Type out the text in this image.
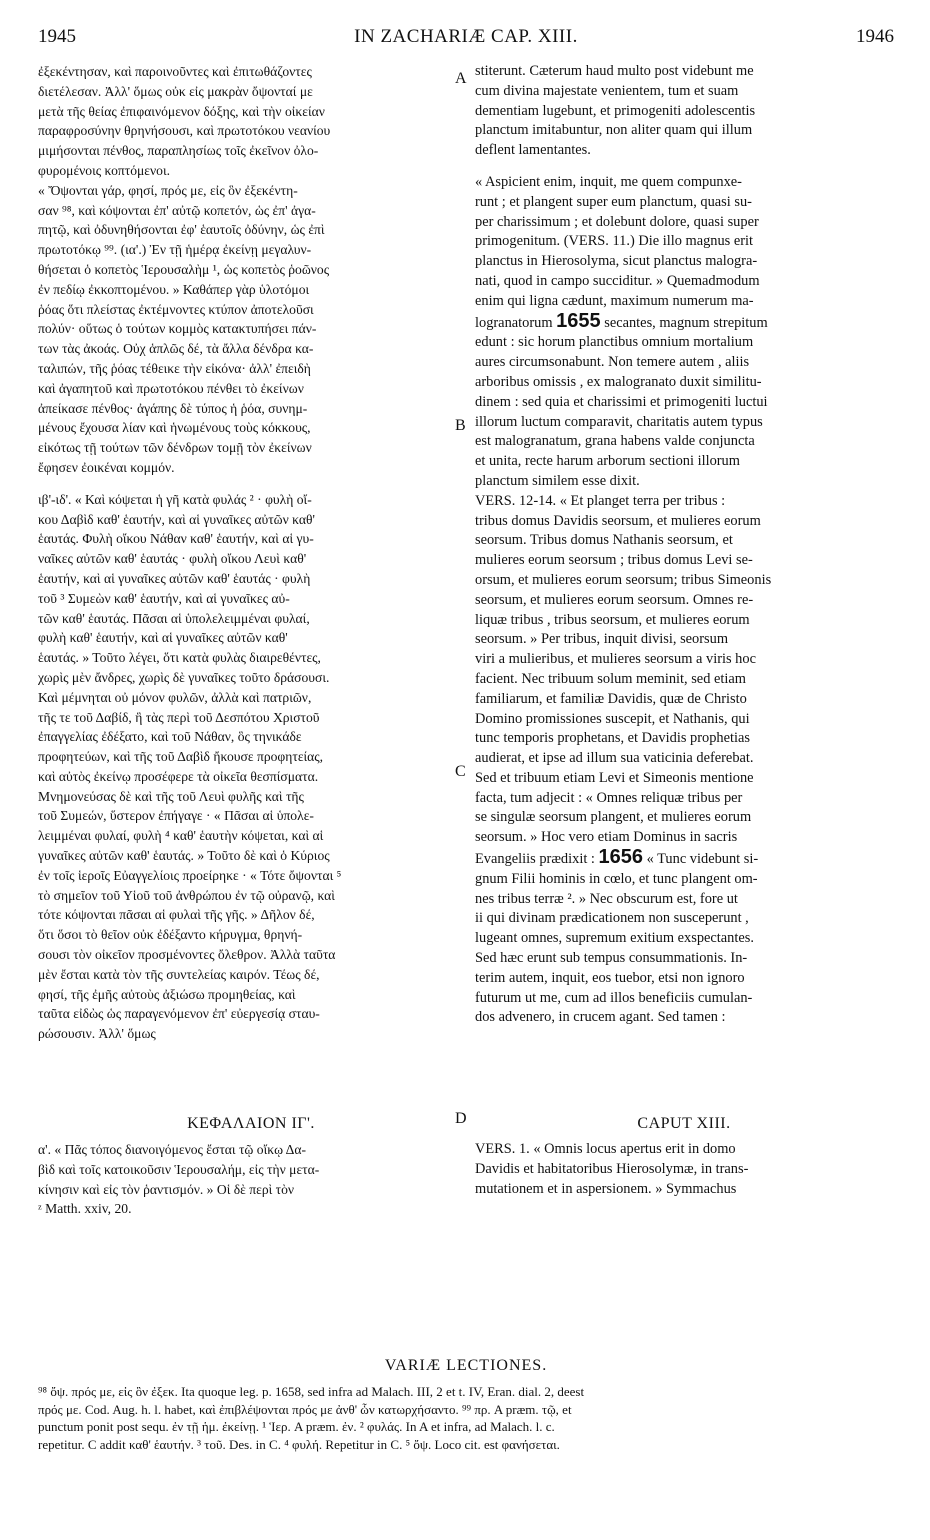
1945	IN ZACHARIÆ CAP. XIII.	1946

ἐξεκέντησαν, καὶ παροινοῦντες καὶ ἐπιτωθάζοντες

διετέλεσαν. Ἀλλ' ὅμως οὐκ εἰς μακρὰν ὄψονταί με

μετὰ τῆς θείας ἐπιφαινόμενον δόξης, καὶ τὴν οἰκείαν

παραφροσύνην θρηνήσουσι, καὶ πρωτοτόκου νεανίου

μιμήσονται πένθος, παραπλησίως τοῖς ἐκεῖνον ὀλο-

φυρομένοις κοπτόμενοι.

« Ὄψονται γάρ, φησί, πρός με, εἰς ὃν ἐξεκέντη-

σαν ⁹⁸, καὶ κόψονται ἐπ' αὐτῷ κοπετόν, ὡς ἐπ' ἀγα-

πητῷ, καὶ ὀδυνηθήσονται ἐφ' ἑαυτοῖς ὀδύνην, ὡς ἐπὶ

πρωτοτόκῳ ⁹⁹. (ια'.) Ἐν τῇ ἡμέρᾳ ἐκείνῃ μεγαλυν-

θήσεται ὁ κοπετὸς Ἱερουσαλὴμ ¹, ὡς κοπετὸς ῥοῶνος

ἐν πεδίῳ ἐκκοπτομένου. » Καθάπερ γὰρ ὑλοτόμοι

ῥόας ὅτι πλείστας ἐκτέμνοντες κτύπον ἀποτελοῦσι

πολύν· οὕτως ὁ τούτων κομμὸς κατακτυπήσει πάν-

των τὰς ἀκοάς. Οὐχ ἁπλῶς δέ, τὰ ἄλλα δένδρα κα-

ταλιπών, τῆς ῥόας τέθεικε τὴν εἰκόνα· ἀλλ' ἐπειδὴ

καὶ ἀγαπητοῦ καὶ πρωτοτόκου πένθει τὸ ἐκείνων

ἀπείκασε πένθος· ἀγάπης δὲ τύπος ἡ ῥόα, συνημ-

μένους ἔχουσα λίαν καὶ ἡνωμένους τοὺς κόκκους,

εἰκότως τῇ τούτων τῶν δένδρων τομῇ τὸν ἐκείνων

ἔφησεν ἐοικέναι κομμόν.

ιβ'-ιδ'. « Καὶ κόψεται ἡ γῆ κατὰ φυλάς ² · φυλὴ οἴ-

κου Δαβὶδ καθ' ἑαυτήν, καὶ αἱ γυναῖκες αὐτῶν καθ'

ἑαυτάς. Φυλὴ οἴκου Νάθαν καθ' ἑαυτήν, καὶ αἱ γυ-

ναῖκες αὐτῶν καθ' ἑαυτάς · φυλὴ οἴκου Λευὶ καθ'

ἑαυτήν, καὶ αἱ γυναῖκες αὐτῶν καθ' ἑαυτάς · φυλὴ

τοῦ ³ Συμεὼν καθ' ἑαυτήν, καὶ αἱ γυναῖκες αὐ-

τῶν καθ' ἑαυτάς. Πᾶσαι αἱ ὑπολελειμμέναι φυλαί,

φυλὴ καθ' ἑαυτήν, καὶ αἱ γυναῖκες αὐτῶν καθ'

ἑαυτάς. » Τοῦτο λέγει, ὅτι κατὰ φυλὰς διαιρεθέντες,

χωρὶς μὲν ἄνδρες, χωρὶς δὲ γυναῖκες τοῦτο δράσουσι.

Καὶ μέμνηται οὐ μόνον φυλῶν, ἀλλὰ καὶ πατριῶν,

τῆς τε τοῦ Δαβίδ, ἣ τὰς περὶ τοῦ Δεσπότου Χριστοῦ

ἐπαγγελίας ἐδέξατο, καὶ τοῦ Νάθαν, ὃς τηνικάδε

προφητεύων, καὶ τῆς τοῦ Δαβὶδ ἤκουσε προφητείας,

καὶ αὐτὸς ἐκείνῳ προσέφερε τὰ οἰκεῖα θεσπίσματα.

Μνημονεύσας δὲ καὶ τῆς τοῦ Λευὶ φυλῆς καὶ τῆς

τοῦ Συμεών, ὕστερον ἐπήγαγε · « Πᾶσαι αἱ ὑπολε-

λειμμέναι φυλαί, φυλὴ ⁴ καθ' ἑαυτὴν κόψεται, καὶ αἱ

γυναῖκες αὐτῶν καθ' ἑαυτάς. » Τοῦτο δὲ καὶ ὁ Κύριος

ἐν τοῖς ἱεροῖς Εὐαγγελίοις προείρηκε · « Τότε ὄψονται ⁵

τὸ σημεῖον τοῦ Υἱοῦ τοῦ ἀνθρώπου ἐν τῷ οὐρανῷ, καὶ

τότε κόψονται πᾶσαι αἱ φυλαὶ τῆς γῆς. » Δῆλον δέ,

ὅτι ὅσοι τὸ θεῖον οὐκ ἐδέξαντο κήρυγμα, θρηνή-

σουσι τὸν οἰκεῖον προσμένοντες ὄλεθρον. Ἀλλὰ ταῦτα

μὲν ἔσται κατὰ τὸν τῆς συντελείας καιρόν. Τέως δέ,

φησί, τῆς ἐμῆς αὐτοὺς ἀξιώσω προμηθείας, καὶ

ταῦτα εἰδὼς ὡς παραγενόμενον ἐπ' εὐεργεσίᾳ σταυ-

ρώσουσιν. Ἀλλ' ὅμως

stiterunt. Cæterum haud multo post videbunt me

cum divina majestate venientem, tum et suam

dementiam lugebunt, et primogeniti adolescentis

planctum imitabuntur, non aliter quam qui illum

deflent lamentantes.

« Aspicient enim, inquit, me quem compunxe-

runt ; et plangent super eum planctum, quasi su-

per charissimum ; et dolebunt dolore, quasi super

primogenitum. (VERS. 11.) Die illo magnus erit

planctus in Hierosolyma, sicut planctus malogra-

nati, quod in campo succiditur. » Quemadmodum

enim qui ligna cædunt, maximum numerum ma-

logranatorum 1655 secantes, magnum strepitum

edunt : sic horum planctibus omnium mortalium

aures circumsonabunt. Non temere autem , aliis

arboribus omissis , ex malogranato duxit similitu-

dinem : sed quia et charissimi et primogeniti luctui

illorum luctum comparavit, charitatis autem typus

est malogranatum, grana habens valde conjuncta

et unita, recte harum arborum sectioni illorum

planctum similem esse dixit.

VERS. 12-14. « Et planget terra per tribus :

tribus domus Davidis seorsum, et mulieres eorum

seorsum. Tribus domus Nathanis seorsum, et

mulieres eorum seorsum ; tribus domus Levi se-

orsum, et mulieres eorum seorsum; tribus Simeonis

seorsum, et mulieres eorum seorsum. Omnes re-

liquæ tribus , tribus seorsum, et mulieres eorum

seorsum. » Per tribus, inquit divisi, seorsum

viri a mulieribus, et mulieres seorsum a viris hoc

facient. Nec tribuum solum meminit, sed etiam

familiarum, et familiæ Davidis, quæ de Christo

Domino promissiones suscepit, et Nathanis, qui

tunc temporis prophetans, et Davidis prophetias

audierat, et ipse ad illum sua vaticinia deferebat.

Sed et tribuum etiam Levi et Simeonis mentione

facta, tum adjecit : « Omnes reliquæ tribus per

se singulæ seorsum plangent, et mulieres eorum

seorsum. » Hoc vero etiam Dominus in sacris

Evangeliis prædixit : 1656 « Tunc videbunt si-

gnum Filii hominis in cœlo, et tunc plangent om-

nes tribus terræ ². » Nec obscurum est, fore ut

ii qui divinam prædicationem non susceperunt ,

lugeant omnes, supremum exitium exspectantes.

Sed hæc erunt sub tempus consummationis. In-

terim autem, inquit, eos tuebor, etsi non ignoro

futurum ut me, cum ad illos beneficiis cumulan-

dos advenero, in crucem agant. Sed tamen :

A
B
C
D
ΚΕΦΑΛΑΙΟΝ ΙΓ'.	CAPUT XIII.

α'. « Πᾶς τόπος διανοιγόμενος ἔσται τῷ οἴκῳ Δα-

βὶδ καὶ τοῖς κατοικοῦσιν Ἱερουσαλήμ, εἰς τὴν μετα-

κίνησιν καὶ εἰς τὸν ῥαντισμόν. » Οἱ δὲ περὶ τὸν

ᶻ Matth. xxiv, 20.

VERS. 1. « Omnis locus apertus erit in domo

Davidis et habitatoribus Hierosolymæ, in trans-

mutationem et in aspersionem. » Symmachus

VARIÆ LECTIONES.

⁹⁸ ὄψ. πρός με, εἰς ὃν ἐξεκ. Ita quoque leg. p. 1658, sed infra ad Malach. III, 2 et t. IV, Eran. dial. 2, deest

πρός με. Cod. Aug. h. l. habet, καὶ ἐπιβλέψονται πρός με ἀνθ' ὧν κατωρχήσαντο. ⁹⁹ πρ. A præm. τῷ, et

punctum ponit post sequ. ἐν τῇ ἡμ. ἐκείνῃ. ¹ Ἱερ. A præm. ἐν. ² φυλάς. In A et infra, ad Malach. l. c.

repetitur. C addit καθ' ἑαυτήν. ³ τοῦ. Des. in C. ⁴ φυλή. Repetitur in C. ⁵ ὄψ. Loco cit. est φανήσεται.
